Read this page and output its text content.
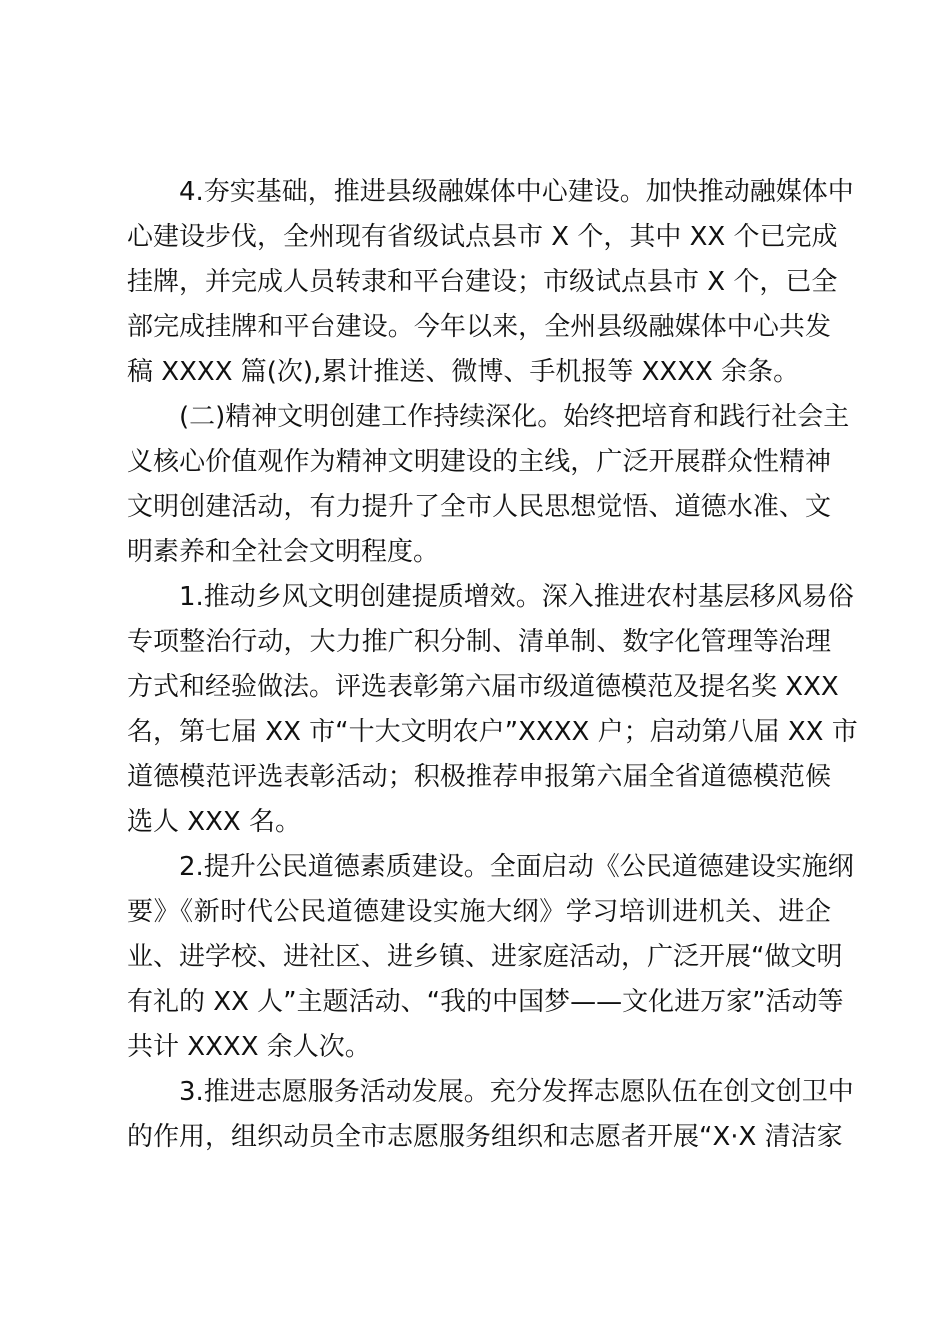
4.夯实基础，推进县级融媒体中心建设。加快推动融媒体中
心建设步伐，全州现有省级试点县市 X 个，其中 XX 个已完成
挂牌，并完成人员转隶和平台建设；市级试点县市 X 个，已全
部完成挂牌和平台建设。今年以来，全州县级融媒体中心共发
稿 XXXX 篇(次),累计推送、微博、手机报等 XXXX 余条。
(二)精神文明创建工作持续深化。始终把培育和践行社会主
义核心价值观作为精神文明建设的主线，广泛开展群众性精神
文明创建活动，有力提升了全市人民思想觉悟、道德水准、文
明素养和全社会文明程度。
1.推动乡风文明创建提质增效。深入推进农村基层移风易俗
专项整治行动，大力推广积分制、清单制、数字化管理等治理
方式和经验做法。评选表彰第六届市级道德模范及提名奖 XXX
名，第七届 XX 市“十大文明农户”XXXX 户；启动第八届 XX 市
道德模范评选表彰活动；积极推荐申报第六届全省道德模范候
选人 XXX 名。
2.提升公民道德素质建设。全面启动《公民道德建设实施纲
要》《新时代公民道德建设实施大纲》学习培训进机关、进企
业、进学校、进社区、进乡镇、进家庭活动，广泛开展“做文明
有礼的 XX 人”主题活动、“我的中国梦——文化进万家”活动等
共计 XXXX 余人次。
3.推进志愿服务活动发展。充分发挥志愿队伍在创文创卫中
的作用，组织动员全市志愿服务组织和志愿者开展“X·X 清洁家
